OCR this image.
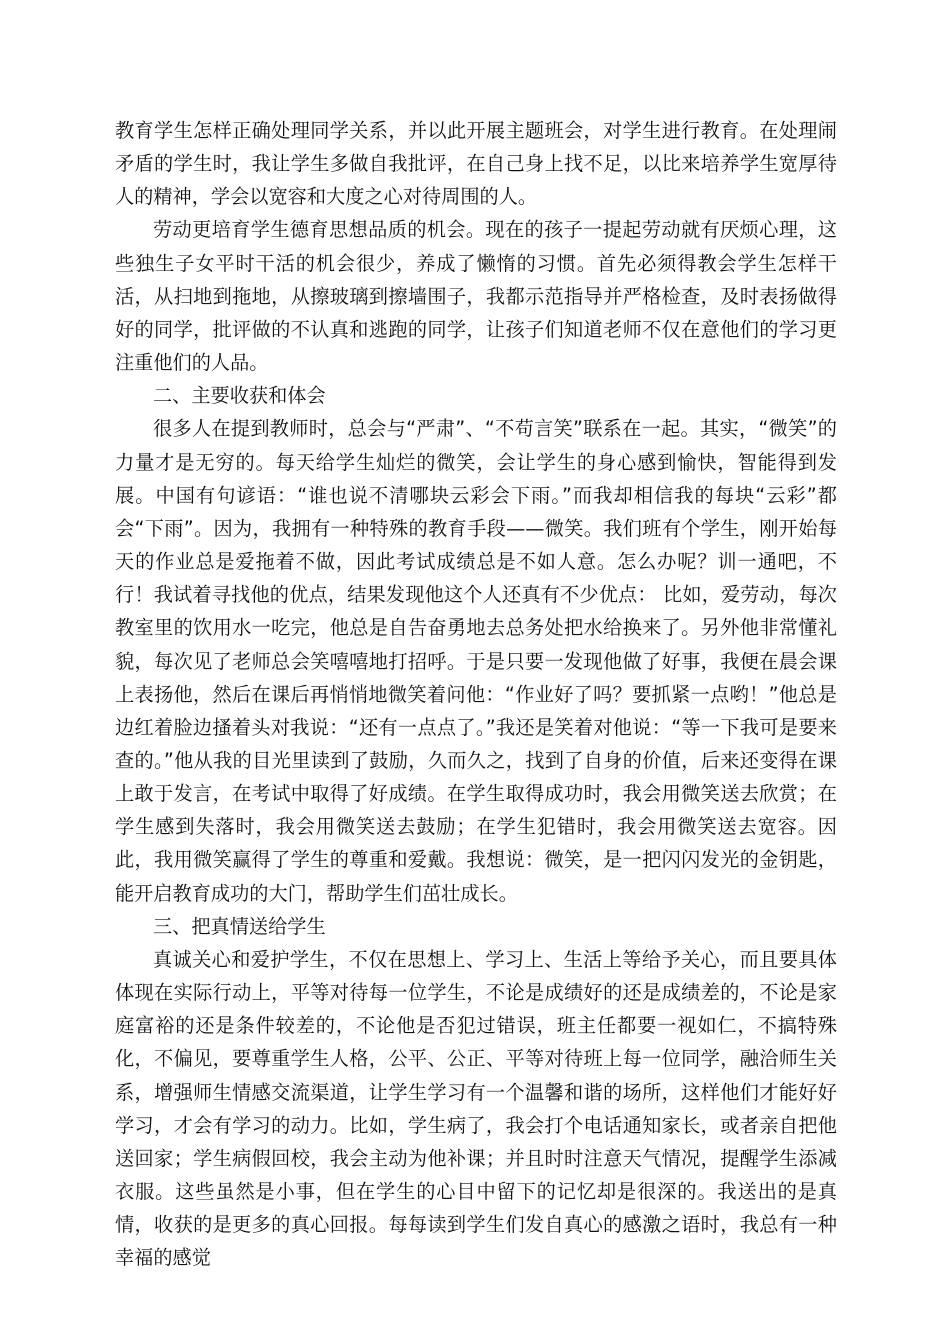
教育学生怎样正确处理同学关系，并以此开展主题班会，对学生进行教育。在处理闹矛盾的学生时，我让学生多做自我批评，在自己身上找不足，以比来培养学生宽厚待人的精神，学会以宽容和大度之心对待周围的人。

劳动更培育学生德育思想品质的机会。现在的孩子一提起劳动就有厌烦心理，这些独生子女平时干活的机会很少，养成了懒惰的习惯。首先必须得教会学生怎样干活，从扫地到拖地，从擦玻璃到擦墙围子，我都示范指导并严格检查，及时表扬做得好的同学，批评做的不认真和逃跑的同学，让孩子们知道老师不仅在意他们的学习更注重他们的人品。

二、主要收获和体会

很多人在提到教师时，总会与“严肃”、“不苟言笑”联系在一起。其实，“微笑”的力量才是无穷的。每天给学生灿烂的微笑，会让学生的身心感到愉快，智能得到发展。中国有句谚语：“谁也说不清哪块云彩会下雨。”而我却相信我的每块“云彩”都会“下雨”。因为，我拥有一种特殊的教育手段——微笑。我们班有个学生，刚开始每天的作业总是爱拖着不做，因此考试成绩总是不如人意。怎么办呢？训一通吧，不行！我试着寻找他的优点，结果发现他这个人还真有不少优点： 比如，爱劳动，每次教室里的饮用水一吃完，他总是自告奋勇地去总务处把水给换来了。另外他非常懂礼貌，每次见了老师总会笑嘻嘻地打招呼。于是只要一发现他做了好事，我便在晨会课上表扬他，然后在课后再悄悄地微笑着问他：“作业好了吗？要抓紧一点哟！”他总是边红着脸边搔着头对我说：“还有一点点了。”我还是笑着对他说：“等一下我可是要来查的。”他从我的目光里读到了鼓励，久而久之，找到了自身的价值，后来还变得在课上敢于发言，在考试中取得了好成绩。在学生取得成功时，我会用微笑送去欣赏；在学生感到失落时，我会用微笑送去鼓励；在学生犯错时，我会用微笑送去宽容。因此，我用微笑赢得了学生的尊重和爱戴。我想说：微笑，是一把闪闪发光的金钥匙，能开启教育成功的大门，帮助学生们茁壮成长。

三、把真情送给学生

真诚关心和爱护学生，不仅在思想上、学习上、生活上等给予关心，而且要具体体现在实际行动上，平等对待每一位学生，不论是成绩好的还是成绩差的，不论是家庭富裕的还是条件较差的，不论他是否犯过错误，班主任都要一视如仁，不搞特殊化，不偏见，要尊重学生人格，公平、公正、平等对待班上每一位同学，融洽师生关系，增强师生情感交流渠道，让学生学习有一个温馨和谐的场所，这样他们才能好好学习，才会有学习的动力。比如，学生病了，我会打个电话通知家长，或者亲自把他送回家；学生病假回校，我会主动为他补课；并且时时注意天气情况，提醒学生添减衣服。这些虽然是小事，但在学生的心目中留下的记忆却是很深的。我送出的是真情，收获的是更多的真心回报。每每读到学生们发自真心的感激之语时，我总有一种幸福的感觉
